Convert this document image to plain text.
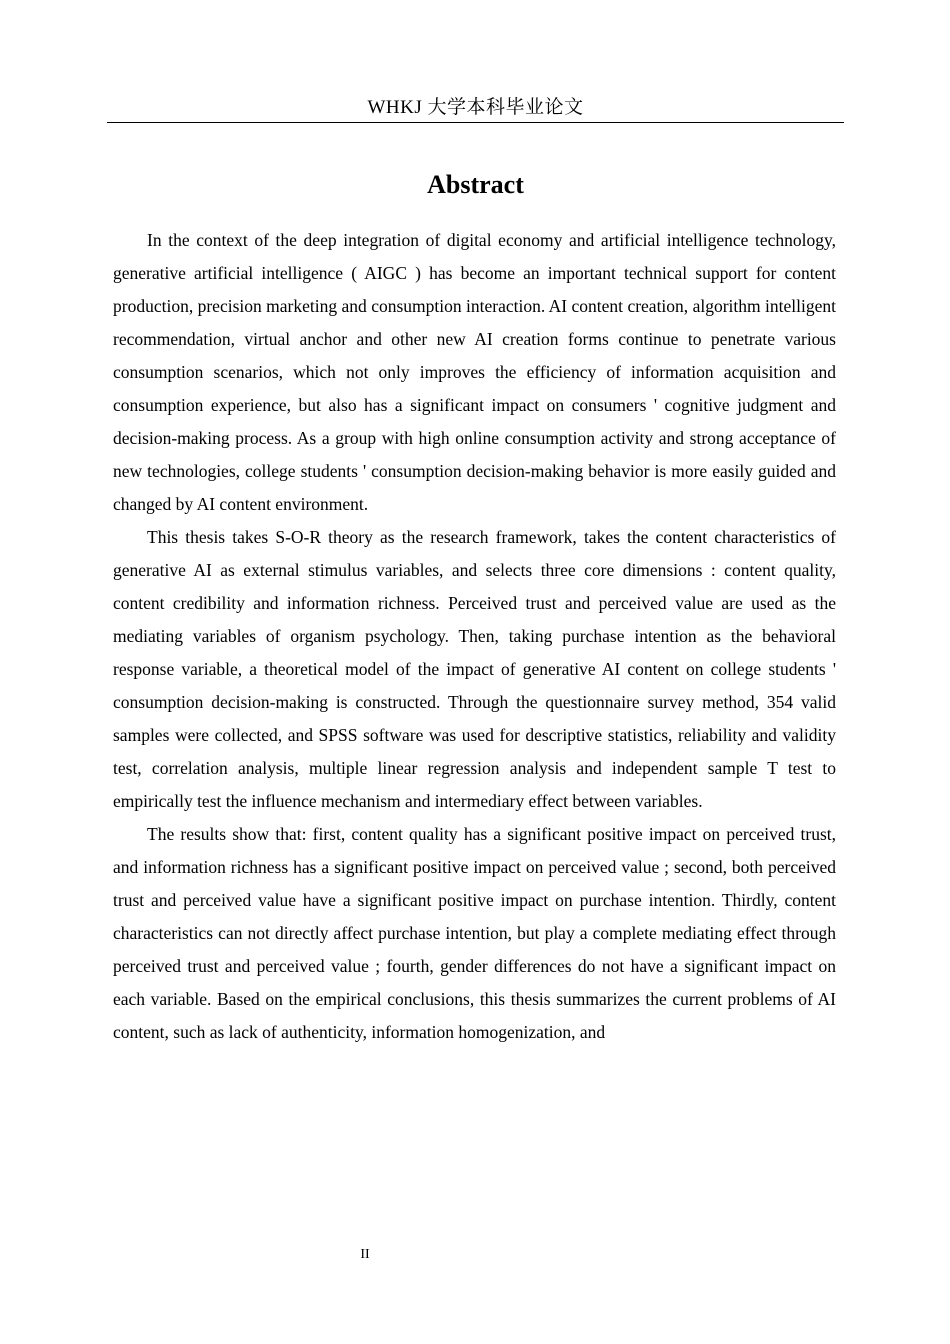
WHKJ 大学本科毕业论文
Abstract

In the context of the deep integration of digital economy and artificial intelligence technology, generative artificial intelligence ( AIGC ) has become an important technical support for content production, precision marketing and consumption interaction. AI content creation, algorithm intelligent recommendation, virtual anchor and other new AI creation forms continue to penetrate various consumption scenarios, which not only improves the efficiency of information acquisition and consumption experience, but also has a significant impact on consumers ' cognitive judgment and decision-making process. As a group with high online consumption activity and strong acceptance of new technologies, college students ' consumption decision-making behavior is more easily guided and changed by AI content environment.

This thesis takes S-O-R theory as the research framework, takes the content characteristics of generative AI as external stimulus variables, and selects three core dimensions : content quality, content credibility and information richness. Perceived trust and perceived value are used as the mediating variables of organism psychology. Then, taking purchase intention as the behavioral response variable, a theoretical model of the impact of generative AI content on college students ' consumption decision-making is constructed. Through the questionnaire survey method, 354 valid samples were collected, and SPSS software was used for descriptive statistics, reliability and validity test, correlation analysis, multiple linear regression analysis and independent sample T test to empirically test the influence mechanism and intermediary effect between variables.

The results show that: first, content quality has a significant positive impact on perceived trust, and information richness has a significant positive impact on perceived value ; second, both perceived trust and perceived value have a significant positive impact on purchase intention. Thirdly, content characteristics can not directly affect purchase intention, but play a complete mediating effect through perceived trust and perceived value ; fourth, gender differences do not have a significant impact on each variable. Based on the empirical conclusions, this thesis summarizes the current problems of AI content, such as lack of authenticity, information homogenization, and

II
